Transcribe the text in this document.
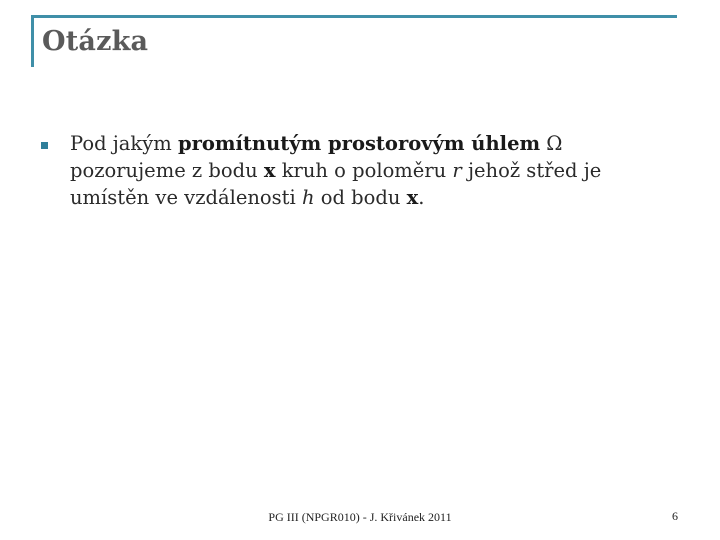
Otázka
Pod jakým promítnutým prostorovým úhlem Ω pozorujeme z bodu x kruh o poloměru r jehož střed je umístěn ve vzdálenosti h od bodu x.
PG III (NPGR010) - J. Křivánek 2011	6
